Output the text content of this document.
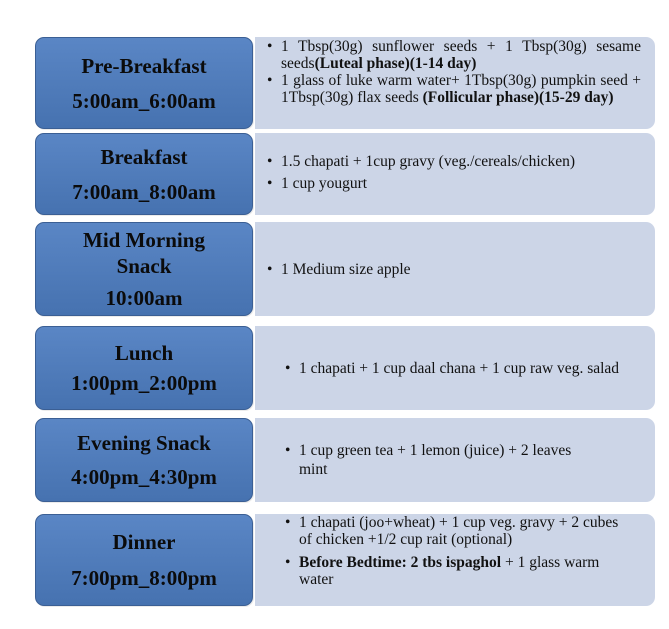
Pre-Breakfast
5:00am_6:00am
• 1 Tbsp(30g) sunflower seeds + 1 Tbsp(30g) sesame seeds(Luteal phase)(1-14 day)
• 1 glass of luke warm water+ 1Tbsp(30g) pumpkin seed + 1Tbsp(30g) flax seeds (Follicular phase)(15-29 day)
Breakfast
7:00am_8:00am
• 1.5 chapati + 1cup gravy (veg./cereals/chicken)
• 1 cup yougurt
Mid Morning Snack
10:00am
• 1 Medium size apple
Lunch
1:00pm_2:00pm
• 1 chapati + 1 cup daal chana + 1 cup raw veg. salad
Evening Snack
4:00pm_4:30pm
• 1 cup green tea + 1 lemon (juice) + 2 leaves mint
Dinner
7:00pm_8:00pm
• 1 chapati (joo+wheat) + 1 cup veg. gravy + 2 cubes of chicken +1/2 cup rait (optional)
• Before Bedtime: 2 tbs ispaghol + 1 glass warm water
